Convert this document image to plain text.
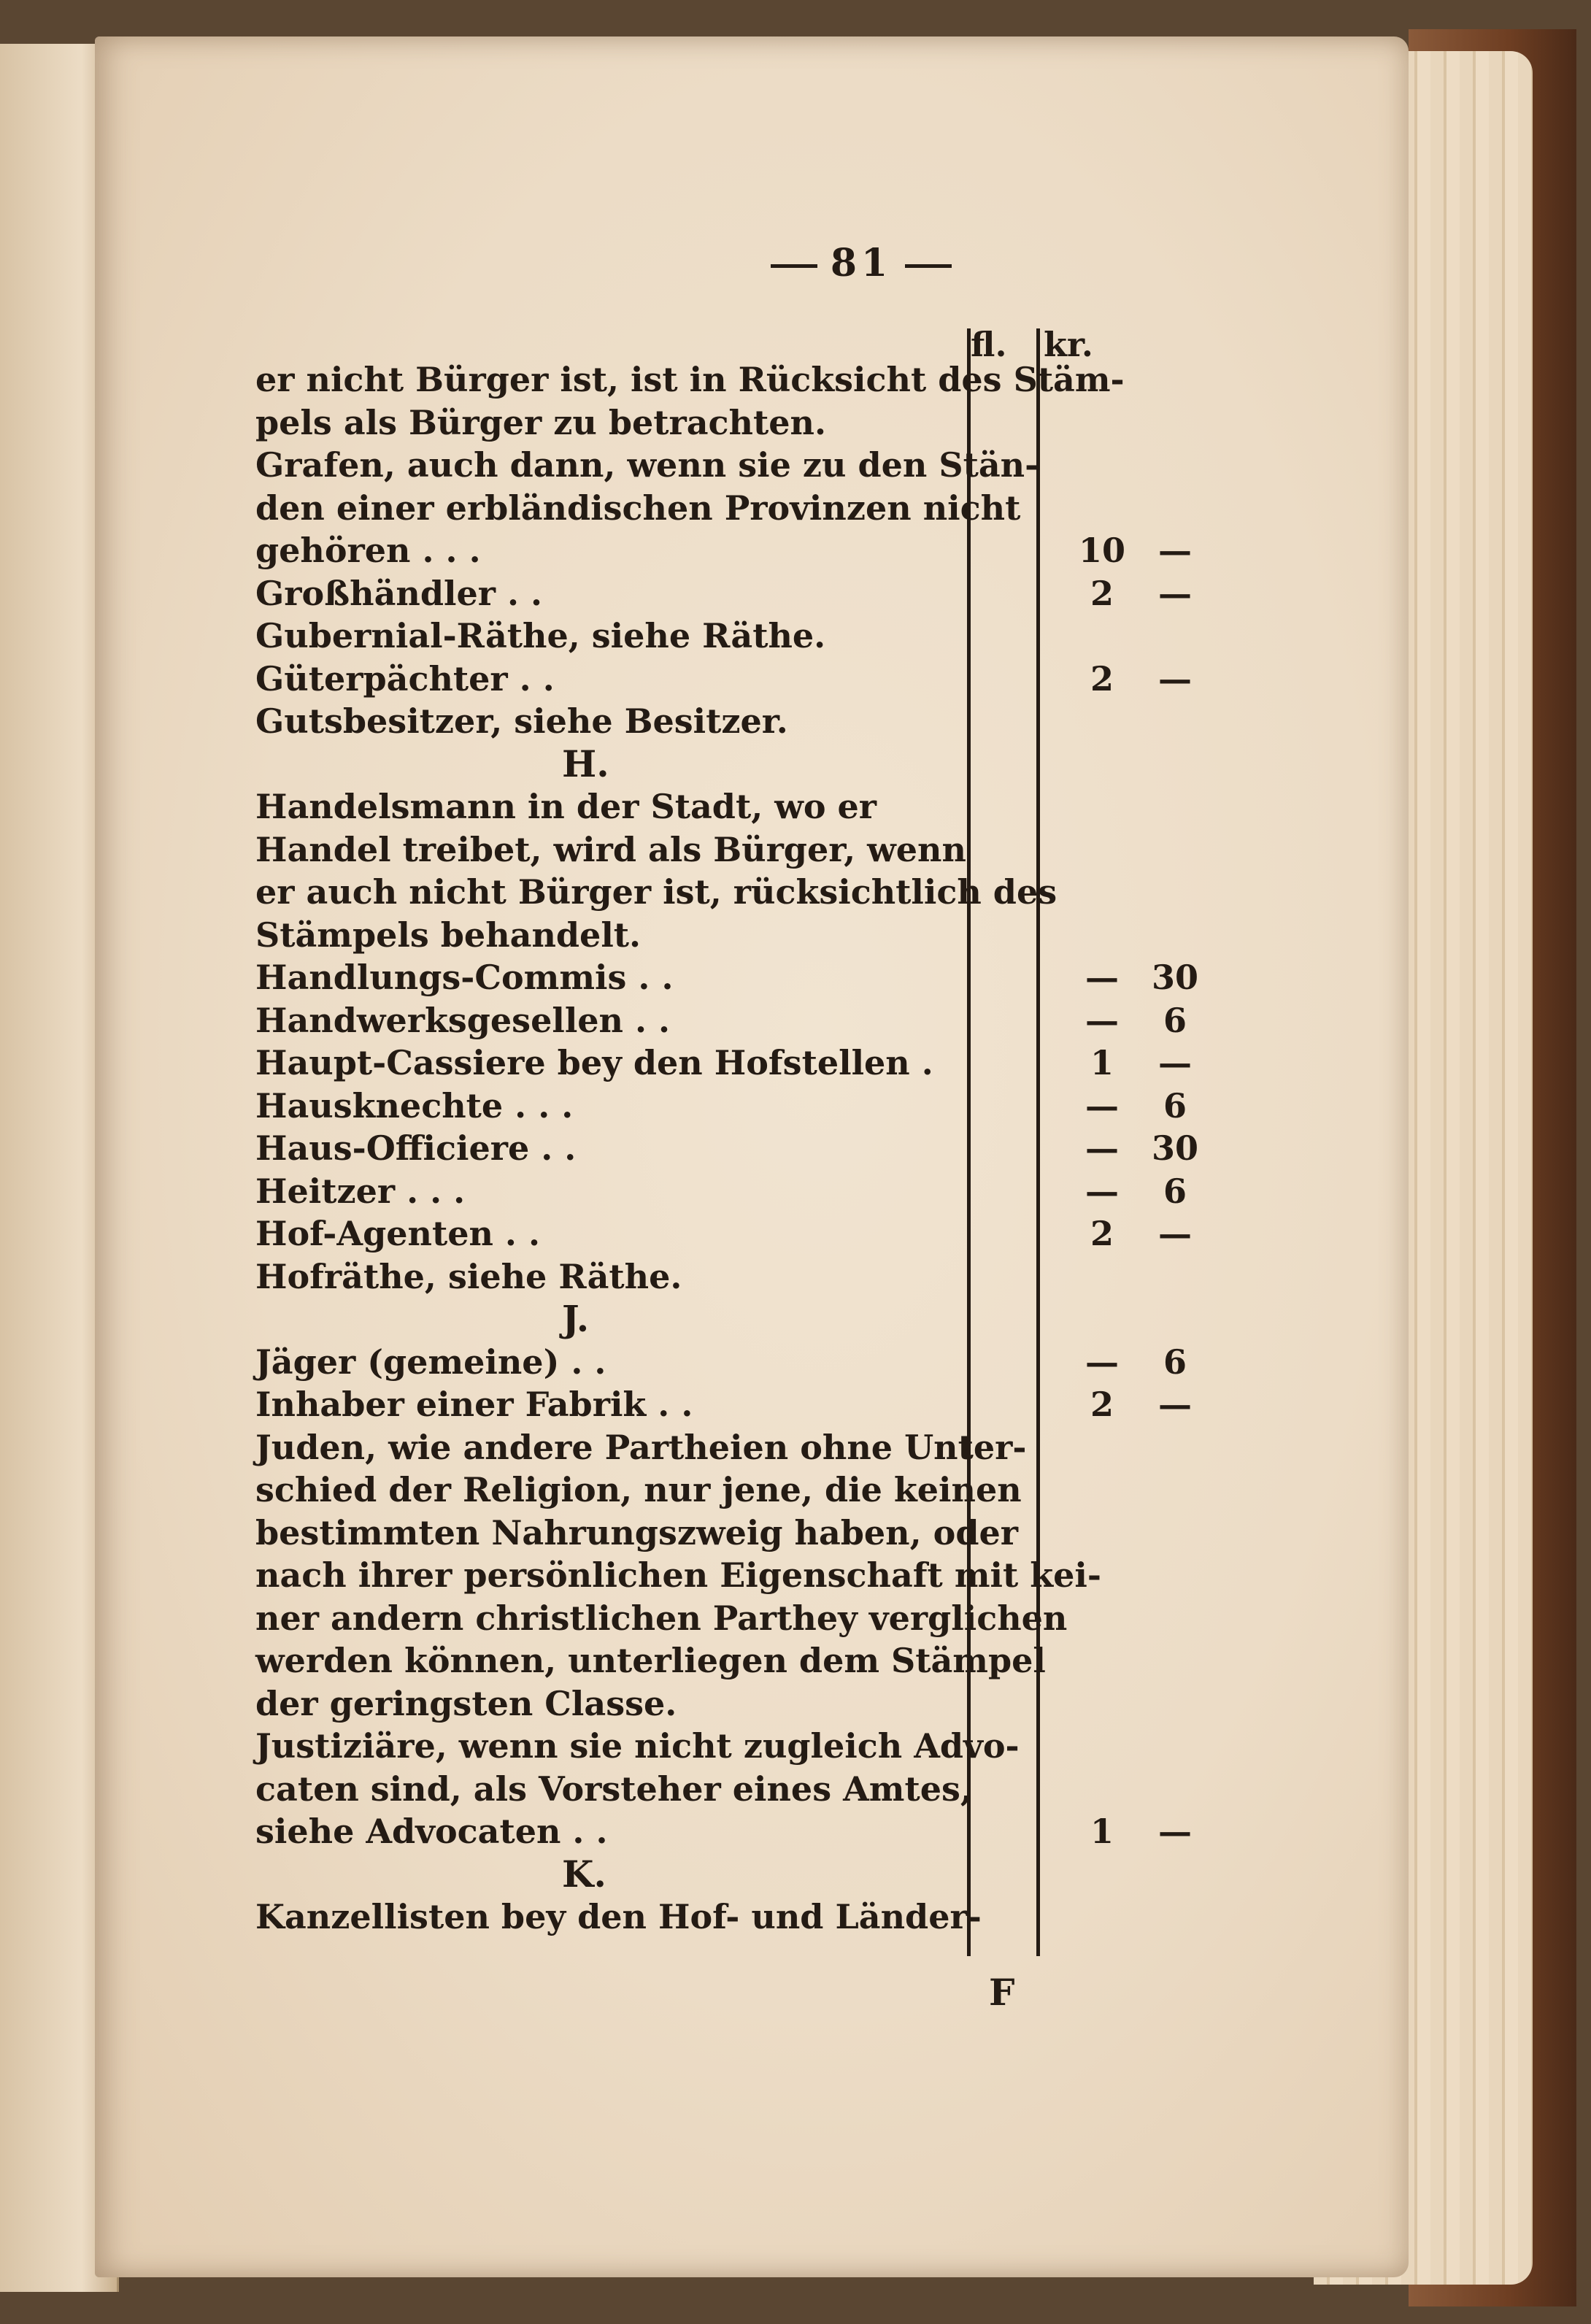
81
fl. kr.
er nicht Bürger ist, ist in Rücksicht des Stäm-
pels als Bürger zu betrachten.
Grafen, auch dann, wenn sie zu den Stän-
den einer erbländischen Provinzen nicht
gehören . . .	10 —
Großhändler . .	2	—
Gubernial-Räthe, siehe Räthe.
Güterpächter . .	2	—
Gutsbesitzer, siehe Besitzer.
H.
Handelsmann in der Stadt, wo er
Handel treibet, wird als Bürger, wenn
er auch nicht Bürger ist, rücksichtlich des
Stämpels behandelt.
Handlungs-Commis . .	— 30
Handwerksgesellen . .	—	6
Haupt-Cassiere bey den Hofstellen .	1	—
Hausknechte . . .	—	6
Haus-Officiere . .	— 30
Heitzer . . .	—	6
Hof-Agenten . .	2	—
Hofräthe, siehe Räthe.
J.
Jäger (gemeine) . .	—	6
Inhaber einer Fabrik . .	2	—
Juden, wie andere Partheien ohne Unter-
schied der Religion, nur jene, die keinen
bestimmten Nahrungszweig haben, oder
nach ihrer persönlichen Eigenschaft mit kei-
ner andern christlichen Parthey verglichen
werden können, unterliegen dem Stämpel
der geringsten Classe.
Justiziäre, wenn sie nicht zugleich Advo-
caten sind, als Vorsteher eines Amtes,
siehe Advocaten . .	1	—
K.
Kanzellisten bey den Hof- und Länder-
F
